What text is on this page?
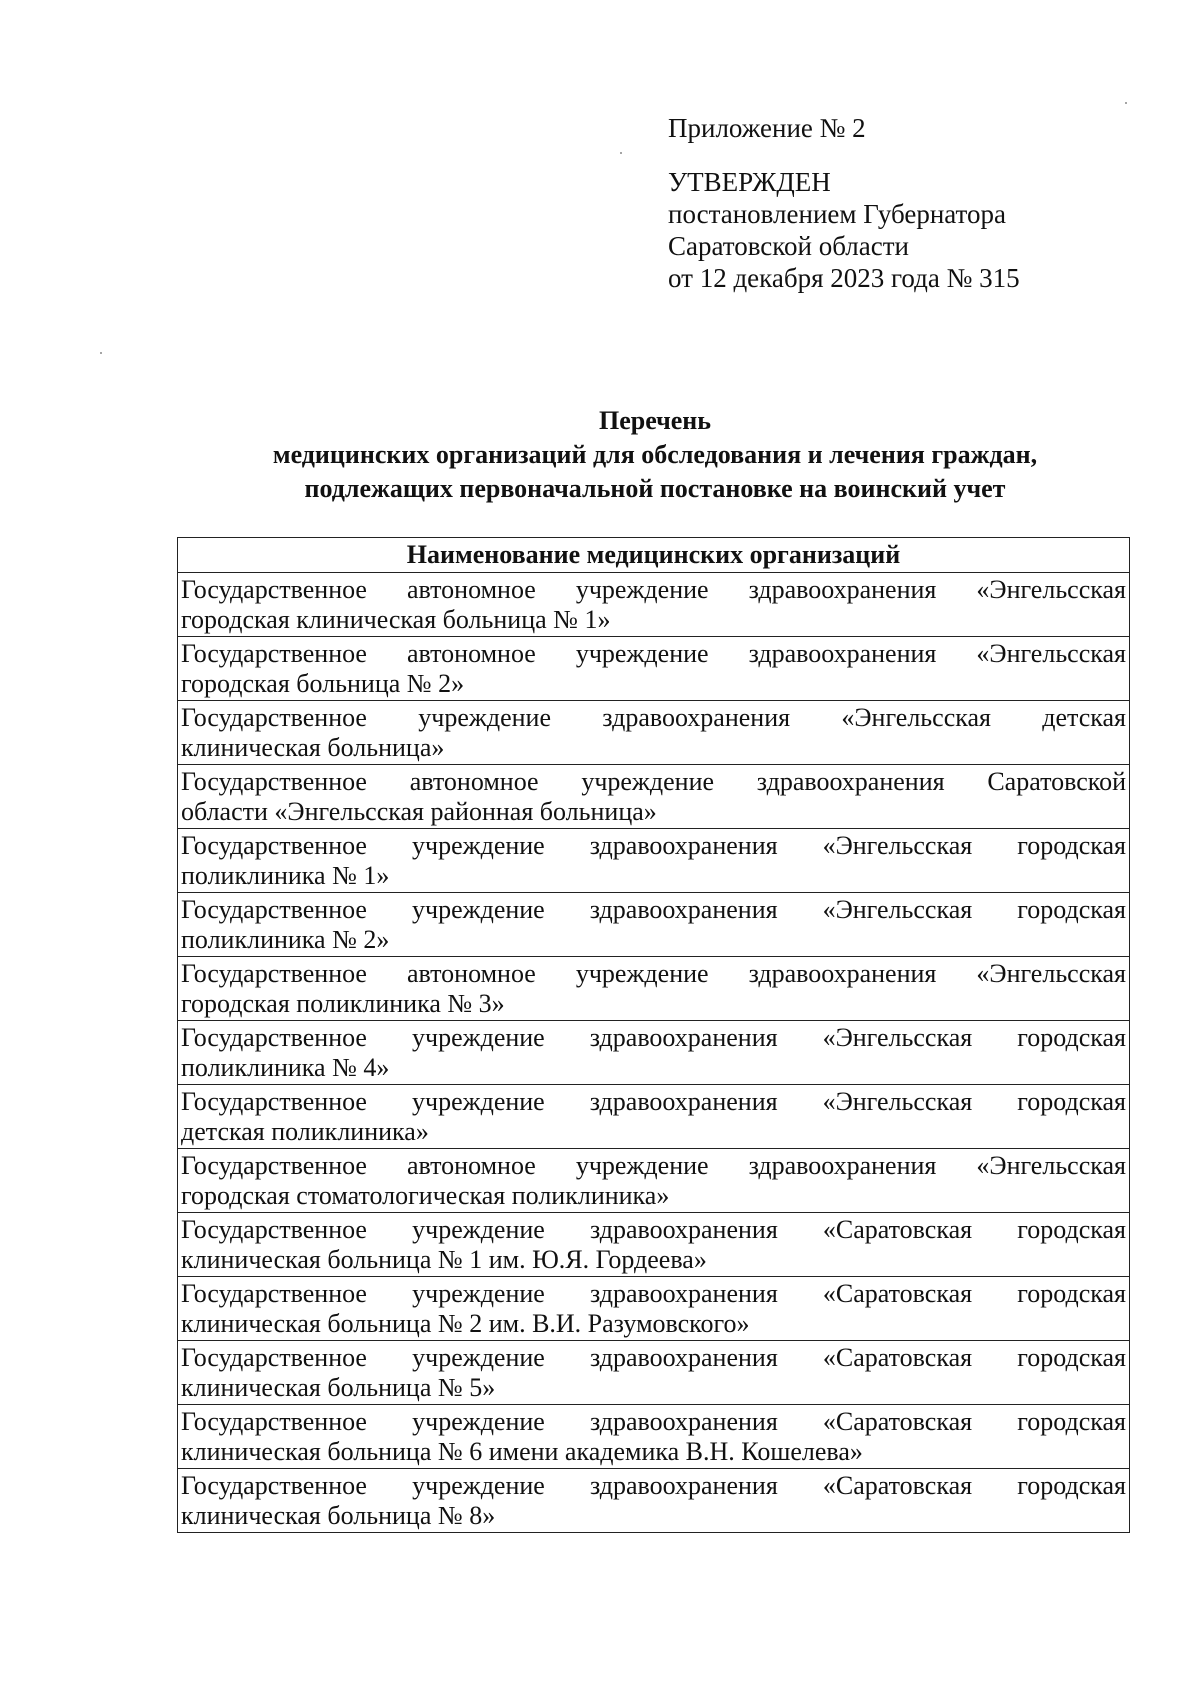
Приложение № 2
УТВЕРЖДЕН
постановлением Губернатора
Саратовской области
от 12 декабря 2023 года № 315
Перечень
медицинских организаций для обследования и лечения граждан,
подлежащих первоначальной постановке на воинский учет
Наименование медицинских организаций

Государственное автономное учреждение здравоохранения «Энгельсская
городская клиническая больница № 1»

Государственное автономное учреждение здравоохранения «Энгельсская
городская больница № 2»

Государственное учреждение здравоохранения «Энгельсская детская
клиническая больница»

Государственное автономное учреждение здравоохранения Саратовской
области «Энгельсская районная больница»

Государственное учреждение здравоохранения «Энгельсская городская
поликлиника № 1»

Государственное учреждение здравоохранения «Энгельсская городская
поликлиника № 2»

Государственное автономное учреждение здравоохранения «Энгельсская
городская поликлиника № 3»

Государственное учреждение здравоохранения «Энгельсская городская
поликлиника № 4»

Государственное учреждение здравоохранения «Энгельсская городская
детская поликлиника»

Государственное автономное учреждение здравоохранения «Энгельсская
городская стоматологическая поликлиника»

Государственное учреждение здравоохранения «Саратовская городская
клиническая больница № 1 им. Ю.Я. Гордеева»

Государственное учреждение здравоохранения «Саратовская городская
клиническая больница № 2 им. В.И. Разумовского»

Государственное учреждение здравоохранения «Саратовская городская
клиническая больница № 5»

Государственное учреждение здравоохранения «Саратовская городская
клиническая больница № 6 имени академика В.Н. Кошелева»

Государственное учреждение здравоохранения «Саратовская городская
клиническая больница № 8»
